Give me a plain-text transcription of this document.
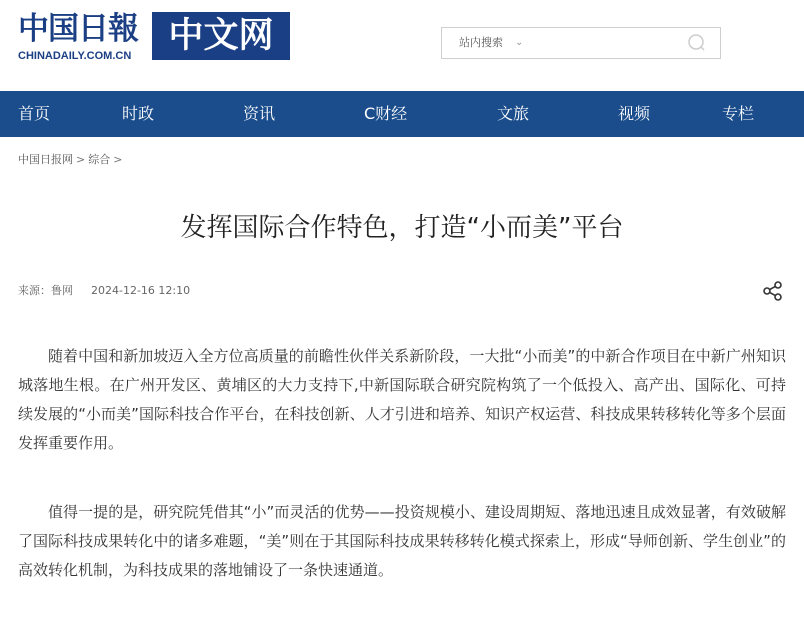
中国日報
CHINADAILY.COM.CN	中文网	站内搜索 ⌄
首页	时政	资讯	C财经	文旅	视频	专栏
中国日报网 > 综合 >
发挥国际合作特色，打造“小而美”平台
来源：鲁网 2024-12-16 12:10

随着中国和新加坡迈入全方位高质量的前瞻性伙伴关系新阶段，一大批“小而美”的中新合作项目在中新广州知识城落地生根。在广州开发区、黄埔区的大力支持下,中新国际联合研究院构筑了一个低投入、高产出、国际化、可持续发展的“小而美”国际科技合作平台，在科技创新、人才引进和培养、知识产权运营、科技成果转移转化等多个层面发挥重要作用。

值得一提的是，研究院凭借其“小”而灵活的优势——投资规模小、建设周期短、落地迅速且成效显著，有效破解了国际科技成果转化中的诸多难题，“美”则在于其国际科技成果转移转化模式探索上，形成“导师创新、学生创业”的高效转化机制，为科技成果的落地铺设了一条快速通道。
